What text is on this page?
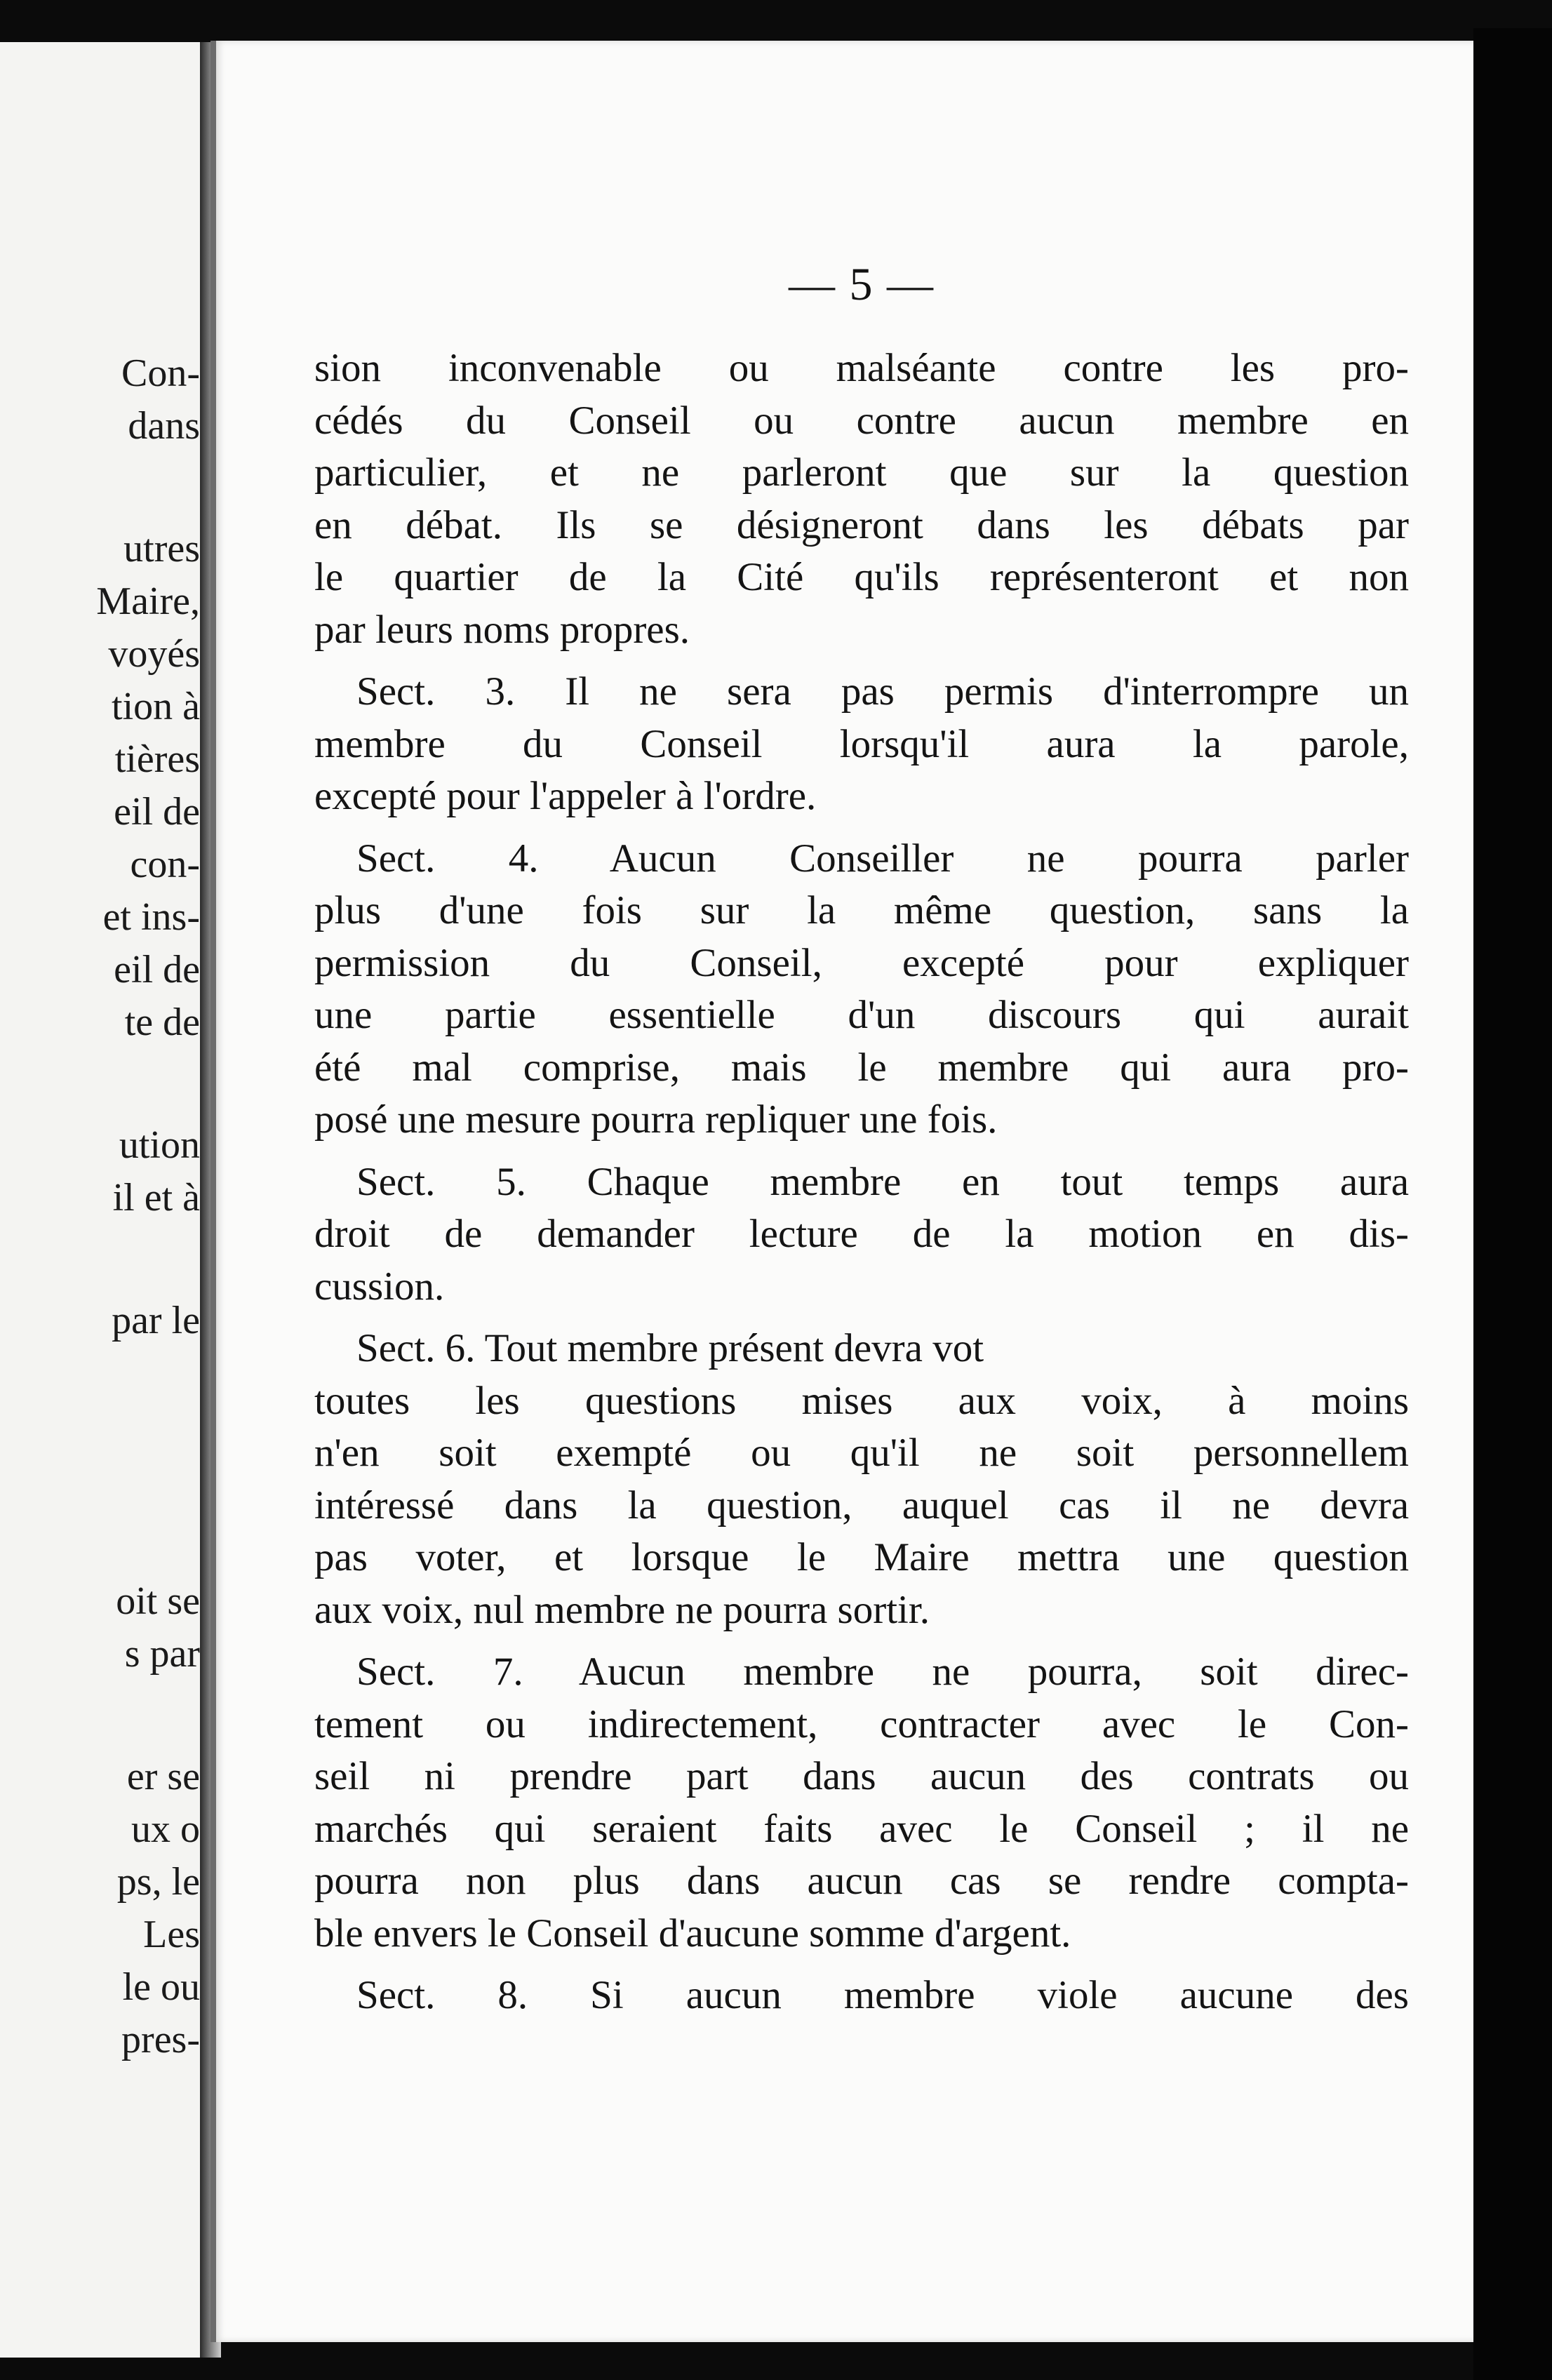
Con-
dans
utres
Maire,
voyés
tion à
tières
eil de
con-
et ins-
eil de
te de
ution
il et à
par le
oit se
s par
er se
ux o
ps, le
Les
le ou
pres-
— 5 —
sion inconvenable ou malséante contre les pro-
cédés du Conseil ou contre aucun membre en
particulier, et ne parleront que sur la question
en débat. Ils se désigneront dans les débats par
le quartier de la Cité qu'ils représenteront et non
par leurs noms propres.
Sect. 3. Il ne sera pas permis d'interrompre un
membre du Conseil lorsqu'il aura la parole,
excepté pour l'appeler à l'ordre.
Sect. 4. Aucun Conseiller ne pourra parler
plus d'une fois sur la même question, sans la
permission du Conseil, excepté pour expliquer
une partie essentielle d'un discours qui aurait
été mal comprise, mais le membre qui aura pro-
posé une mesure pourra repliquer une fois.
Sect. 5. Chaque membre en tout temps aura
droit de demander lecture de la motion en dis-
cussion.
Sect. 6. Tout membre présent devra vot
toutes les questions mises aux voix, à moins
n'en soit exempté ou qu'il ne soit personnellem
intéressé dans la question, auquel cas il ne devra
pas voter, et lorsque le Maire mettra une question
aux voix, nul membre ne pourra sortir.
Sect. 7. Aucun membre ne pourra, soit direc-
tement ou indirectement, contracter avec le Con-
seil ni prendre part dans aucun des contrats ou
marchés qui seraient faits avec le Conseil ; il ne
pourra non plus dans aucun cas se rendre compta-
ble envers le Conseil d'aucune somme d'argent.
Sect. 8. Si aucun membre viole aucune des
